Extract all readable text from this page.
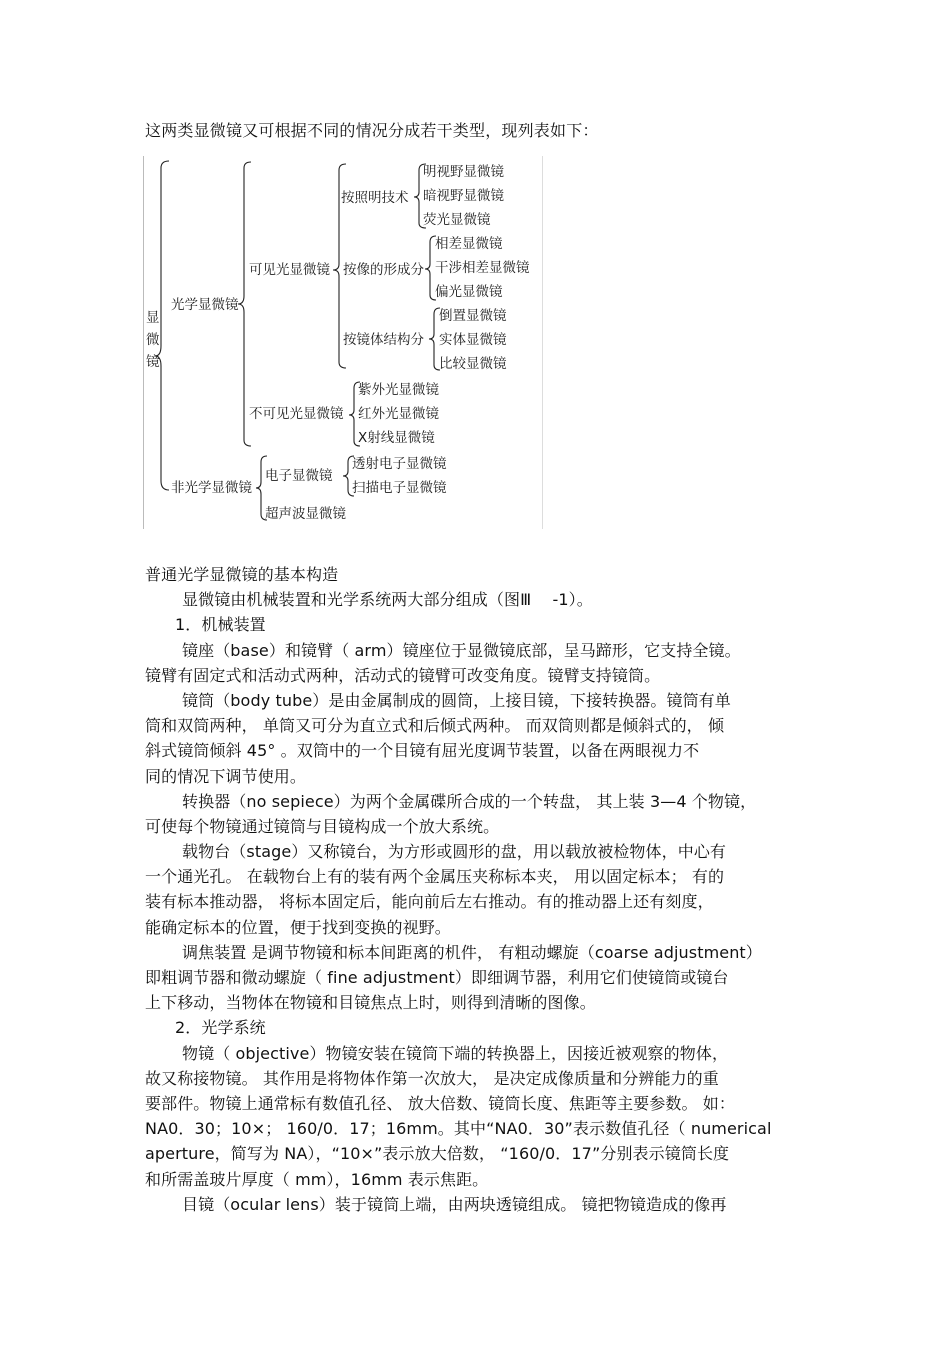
这两类显微镜又可根据不同的情况分成若干类型，现列表如下：
显
微
镜
光学显微镜
可见光显微镜
按照明技术
明视野显微镜
暗视野显微镜
荧光显微镜
按像的形成分
相差显微镜
干涉相差显微镜
偏光显微镜
按镜体结构分
倒置显微镜
实体显微镜
比较显微镜
不可见光显微镜
紫外光显微镜
红外光显微镜
X射线显微镜
非光学显微镜
电子显微镜
透射电子显微镜
扫描电子显微镜
超声波显微镜
普通光学显微镜的基本构造
显微镜由机械装置和光学系统两大部分组成（图Ⅲ　 -1）。
1．机械装置
镜座（base）和镜臂（ arm）镜座位于显微镜底部，呈马蹄形，它支持全镜。
镜臂有固定式和活动式两种，活动式的镜臂可改变角度。镜臂支持镜筒。
镜筒（body tube）是由金属制成的圆筒，上接目镜，下接转换器。镜筒有单
筒和双筒两种， 单筒又可分为直立式和后倾式两种。 而双筒则都是倾斜式的， 倾
斜式镜筒倾斜 45° 。双筒中的一个目镜有屈光度调节装置，以备在两眼视力不
同的情况下调节使用。
转换器（no sepiece）为两个金属碟所合成的一个转盘， 其上装 3—4 个物镜，
可使每个物镜通过镜筒与目镜构成一个放大系统。
载物台（stage）又称镜台，为方形或圆形的盘，用以载放被检物体，中心有
一个通光孔。 在载物台上有的装有两个金属压夹称标本夹， 用以固定标本； 有的
装有标本推动器， 将标本固定后，能向前后左右推动。有的推动器上还有刻度，
能确定标本的位置，便于找到变换的视野。
调焦装置 是调节物镜和标本间距离的机件， 有粗动螺旋（coarse adjustment）
即粗调节器和微动螺旋（ fine adjustment）即细调节器，利用它们使镜筒或镜台
上下移动，当物体在物镜和目镜焦点上时，则得到清晰的图像。
2．光学系统
物镜（ objective）物镜安装在镜筒下端的转换器上，因接近被观察的物体，
故又称接物镜。 其作用是将物体作第一次放大， 是决定成像质量和分辨能力的重
要部件。物镜上通常标有数值孔径、 放大倍数、镜筒长度、焦距等主要参数。 如：
NA0．30；10×； 160/0．17；16mm。其中“NA0．30”表示数值孔径（ numerical
aperture，简写为 NA），“10×”表示放大倍数， “160/0．17”分别表示镜筒长度
和所需盖玻片厚度（ mm），16mm 表示焦距。
目镜（ocular lens）装于镜筒上端，由两块透镜组成。 镜把物镜造成的像再
